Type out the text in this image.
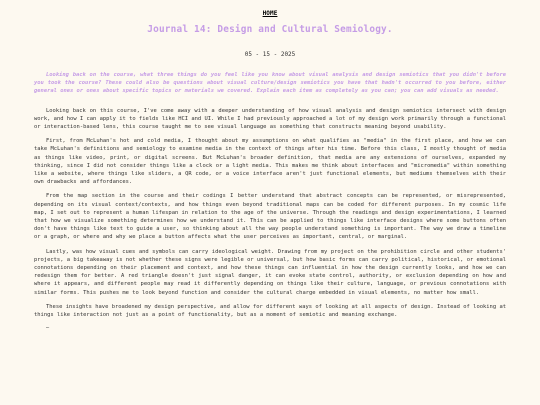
HOME
Journal 14: Design and Cultural Semiology.
05 - 15 - 2025

Looking back on the course, what three things do you feel like you know about visual analysis and design semiotics that you didn't before you took the course? These could also be questions about visual culture/design semiotics you have that hadn't occurred to you before, either general ones or ones about specific topics or materials we covered. Explain each item as completely as you can; you can add visuals as needed.

Looking back on this course, I've come away with a deeper understanding of how visual analysis and design semiotics intersect with design work, and how I can apply it to fields like HCI and UI. While I had previously approached a lot of my design work primarily through a functional or interaction-based lens, this course taught me to see visual language as something that constructs meaning beyond usability.

First, from McLuhan's hot and cold media, I thought about my assumptions on what qualifies as "media" in the first place, and how we can take McLuhan's definitions and semiology to examine media in the context of things after his time. Before this class, I mostly thought of media as things like video, print, or digital screens. But McLuhan's broader definition, that media are any extensions of ourselves, expanded my thinking, since I did not consider things like a clock or a light media. This makes me think about interfaces and "micromedia" within something like a website, where things like sliders, a QR code, or a voice interface aren't just functional elements, but mediums themselves with their own drawbacks and affordances.

From the map section in the course and their codings I better understand that abstract concepts can be represented, or misrepresented, depending on its visual context/contexts, and how things even beyond traditional maps can be coded for different purposes. In my cosmic life map, I set out to represent a human lifespan in relation to the age of the universe. Through the readings and design experimentations, I learned that how we visualize something determines how we understand it. This can be applied to things like interface designs where some buttons often don't have things like text to guide a user, so thinking about all the way people understand something is important. The way we draw a timeline or a graph, or where and why we place a button affects what the user perceives as important, central, or marginal.

Lastly, was how visual cues and symbols can carry ideological weight. Drawing from my project on the prohibition circle and other students' projects, a big takeaway is not whether these signs were legible or universal, but how basic forms can carry political, historical, or emotional connotations depending on their placement and context, and how these things can influential in how the design currently looks, and how we can redesign them for better. A red triangle doesn't just signal danger, it can evoke state control, authority, or exclusion depending on how and where it appears, and different people may read it differently depending on things like their culture, language, or previous connotations with similar forms. This pushes me to look beyond function and consider the cultural charge embedded in visual elements, no matter how small.

These insights have broadened my design perspective, and allow for different ways of looking at all aspects of design. Instead of looking at things like interaction not just as a point of functionality, but as a moment of semiotic and meaning exchange.

…
